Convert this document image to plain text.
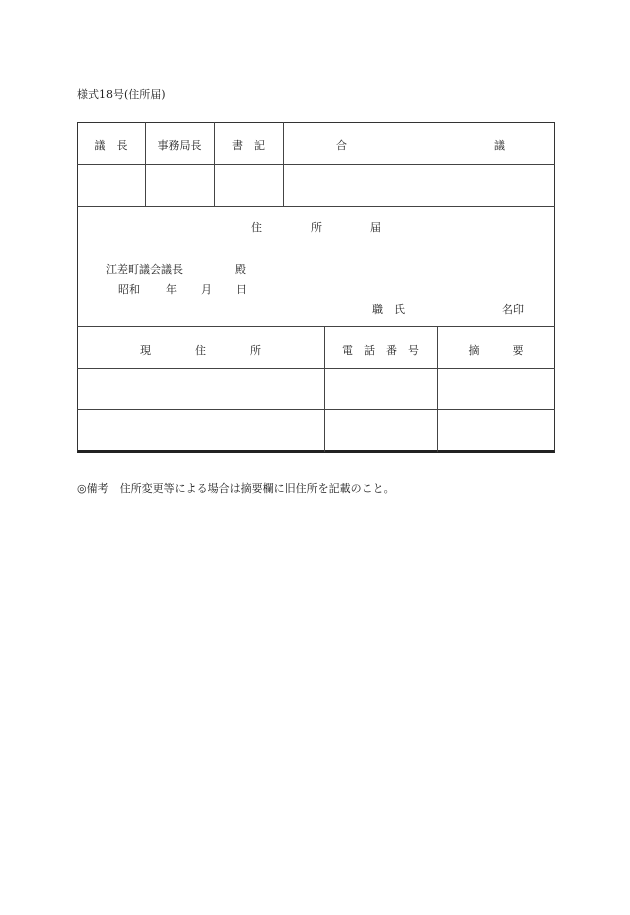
様式18号(住所届)
議　長	事務局長	書　記	合	議
住	所	届
江差町議会議長	殿
昭和 年 月 日
職　氏	名印
現　　　　住　　　　所	電　話　番　号	摘　　　要
◎備考　住所変更等による場合は摘要欄に旧住所を記載のこと。
